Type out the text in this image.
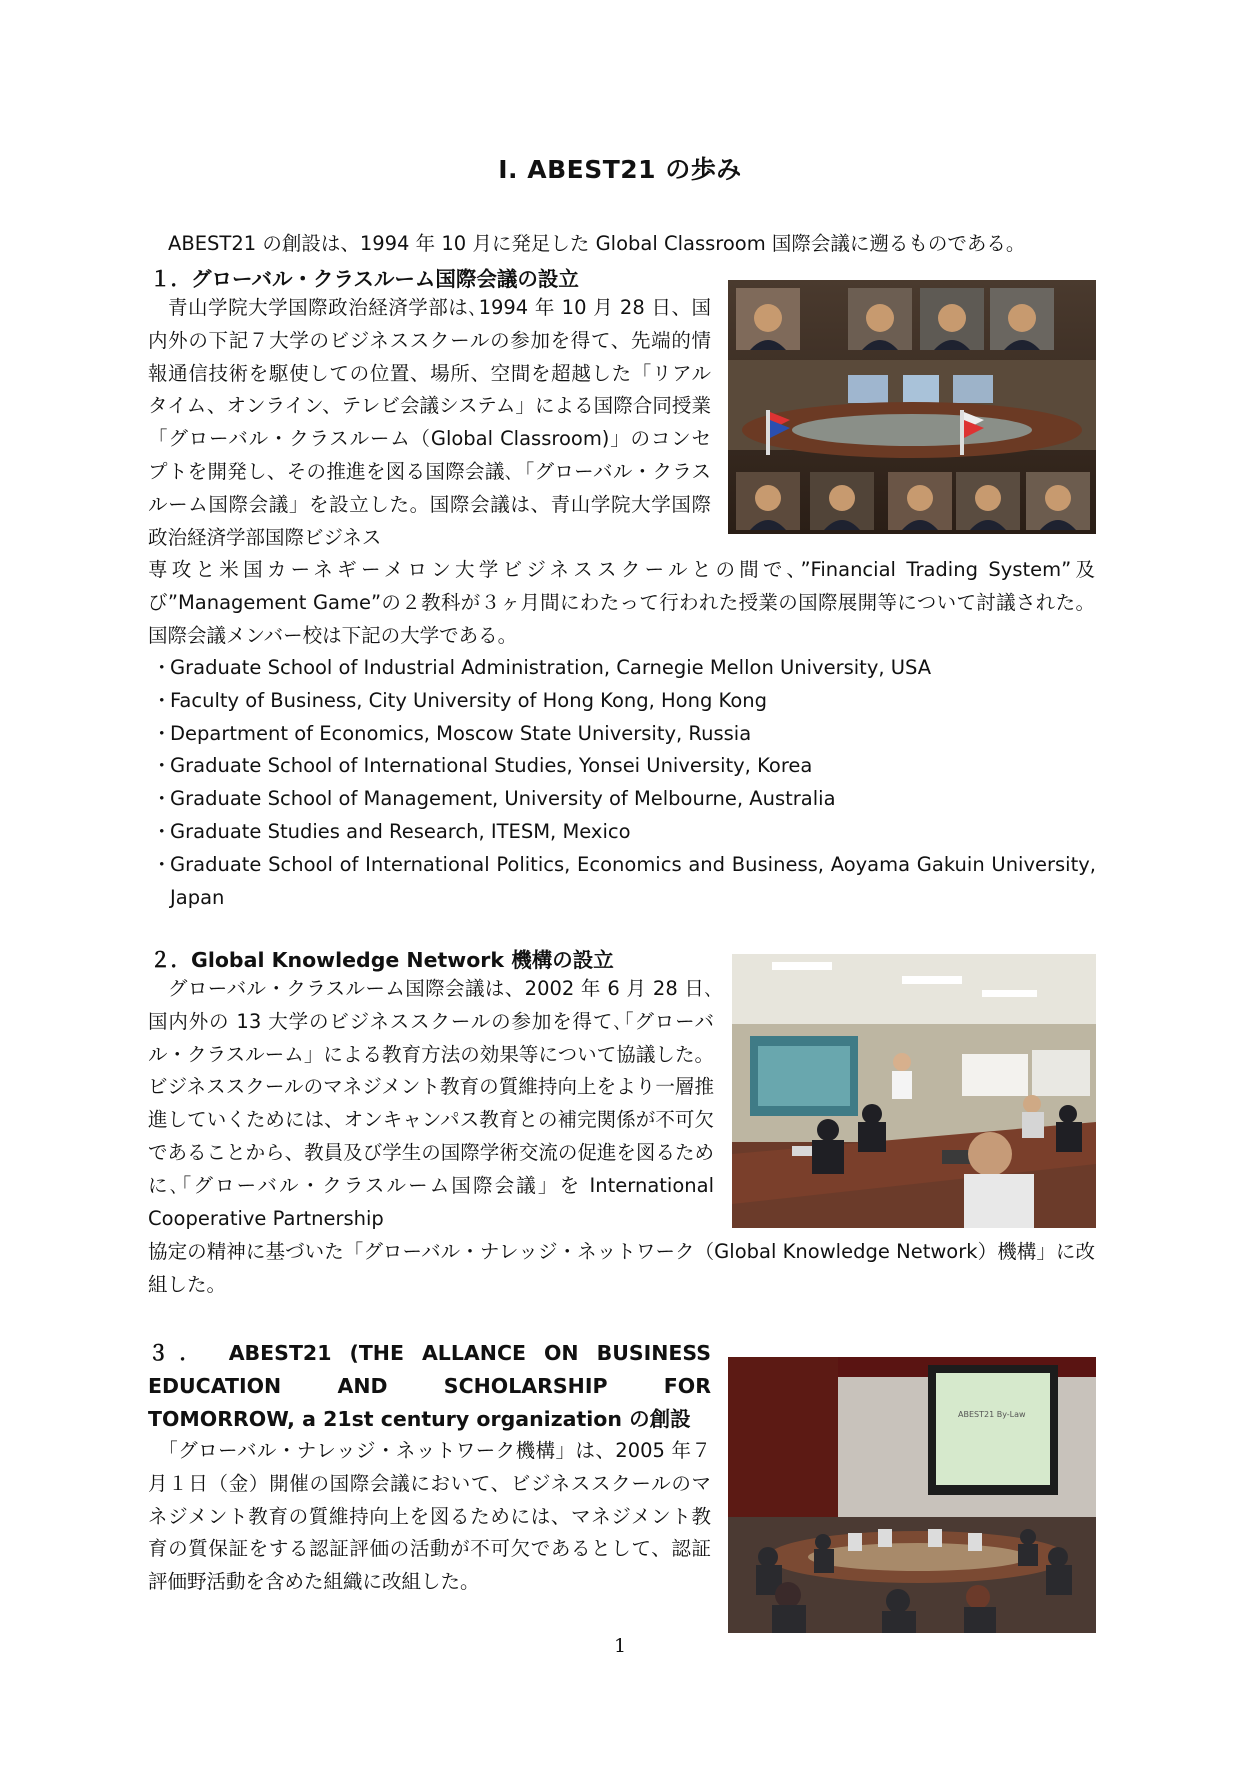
I. ABEST21 の歩み
ABEST21 の創設は、1994 年 10 月に発足した Global Classroom 国際会議に遡るものである。
１．グローバル・クラスルーム国際会議の設立
　青山学院大学国際政治経済学部は､1994 年 10 月 28 日、国内外の下記７大学のビジネススクールの参加を得て、先端的情報通信技術を駆使しての位置、場所、空間を超越した「リアルタイム、オンライン、テレビ会議システム」による国際合同授業「グローバル・クラスルーム（Global Classroom)」のコンセプトを開発し、その推進を図る国際会議､「グローバル・クラスルーム国際会議」を設立した。国際会議は、青山学院大学国際政治経済学部国際ビジネス
専攻と米国カーネギーメロン大学ビジネススクールとの間で、”Financial Trading System”及び”Management Game”の２教科が３ヶ月間にわたって行われた授業の国際展開等について討議された。国際会議メンバー校は下記の大学である。
・
Graduate School of Industrial Administration, Carnegie Mellon University, USA
・
Faculty of Business, City University of Hong Kong, Hong Kong
・
Department of Economics, Moscow State University, Russia
・
Graduate School of International Studies, Yonsei University, Korea
・
Graduate School of Management, University of Melbourne, Australia
・
Graduate Studies and Research, ITESM, Mexico
・
Graduate School of International Politics, Economics and Business, Aoyama Gakuin University, Japan
２．Global Knowledge Network 機構の設立
　グローバル・クラスルーム国際会議は、2002 年 6 月 28 日､国内外の 13 大学のビジネススクールの参加を得て､｢グローバル・クラスルーム」による教育方法の効果等について協議した。ビジネススクールのマネジメント教育の質維持向上をより一層推進していくためには、オンキャンパス教育との補完関係が不可欠であることから、教員及び学生の国際学術交流の促進を図るために､｢グローバル・クラスルーム国際会議」を International Cooperative Partnership
協定の精神に基づいた「グローバル・ナレッジ・ネットワーク（Global Knowledge Network）機構」に改組した。
３． ABEST21 (THE ALLANCE ON BUSINESS EDUCATION AND SCHOLARSHIP FOR TOMORROW, a 21st century organization の創設
　「グローバル・ナレッジ・ネットワーク機構」は、2005 年７月１日（金）開催の国際会議において、ビジネススクールのマネジメント教育の質維持向上を図るためには、マネジメント教育の質保証をする認証評価の活動が不可欠であるとして、認証評価野活動を含めた組織に改組した。
ABEST21 By-Law
1
